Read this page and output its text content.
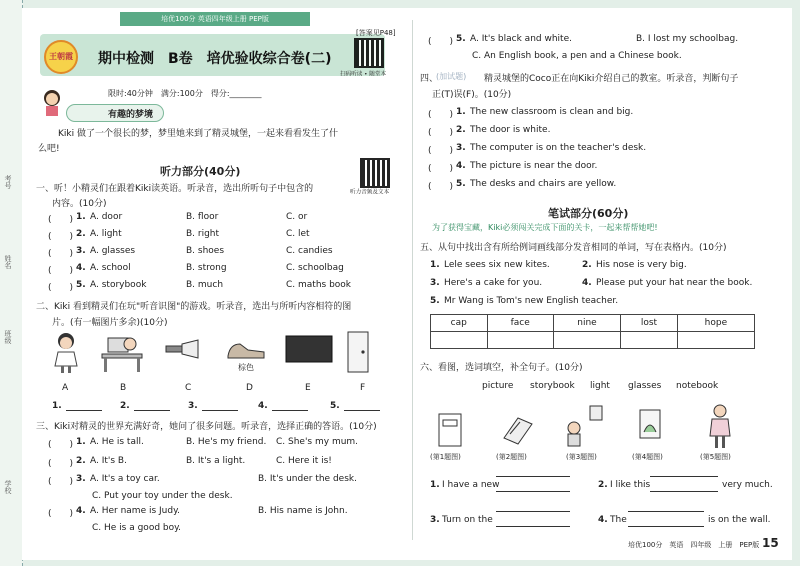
考号
姓名
班级
学校
培优100分 英语四年级上册 PEP版
[答案见P48]
王朝霞	期中检测　B卷　培优验收综合卷(二)
扫码听读 • 随堂本
限时:40分钟　满分:100分　得分:________
有趣的梦境
Kiki 做了一个很长的梦，梦里她来到了精灵城堡，一起来看看发生了什
么吧!
听力部分(40分)
听力音频及文本
一、听！小精灵们在跟着Kiki读英语。听录音，选出所听句子中包含的
内容。(10分)
(　　) 1. A. door	B. floor	C. or
(　　) 2. A. light	B. right	C. let
(　　) 3. A. glasses	B. shoes	C. candies
(　　) 4. A. school	B. strong	C. schoolbag
(　　) 5. A. storybook	B. much	C. maths book
二、Kiki 看到精灵们在玩"听音识图"的游戏。听录音，选出与所听内容相符的图
片。(有一幅图片多余)(10分)
棕色
A	B	C	D	E	F
1.	2.	3.	4.	5.
三、Kiki对精灵的世界充满好奇，她问了很多问题。听录音，选择正确的答语。(10分)
(　　) 1. A. He is tall.	B. He's my friend. C. She's my mum.
(　　) 2. A. It's B.	B. It's a light.	C. Here it is!
(　　) 3. A. It's a toy car.	B. It's under the desk.
C. Put your toy under the desk.
(　　) 4. A. Her name is Judy.	B. His name is John.
C. He is a good boy.
(　　) 5. A. It's black and white.	B. I lost my schoolbag.
C. An English book, a pen and a Chinese book.
四、
(加试题) 精灵城堡的Coco正在向Kiki介绍自己的教室。听录音，判断句子
正(T)误(F)。(10分)
(　　) 1. The new classroom is clean and big.
(　　) 2. The door is white.
(　　) 3. The computer is on the teacher's desk.
(　　) 4. The picture is near the door.
(　　) 5. The desks and chairs are yellow.
笔试部分(60分)
为了获得宝藏，Kiki必须闯关完成下面的关卡，一起来帮帮她吧!
五、从句中找出含有所给例词画线部分发音相同的单词，写在表格内。(10分)
1. Lele sees six new kites.	2. His nose is very big.
3. Here's a cake for you.	4. Please put your hat near the book.
5. Mr Wang is Tom's new English teacher.
cap	face	nine	lost	hope

六、看图，选词填空，补全句子。(10分)
picture storybook light glasses notebook
(第1题图)	(第2题图)	(第3题图)	(第4题图)	(第5题图)
1. I have a new	2. I like this	very much.
3. Turn on the	4. The	is on the wall.
培优100分　英语　四年级　上册　PEP版 15
